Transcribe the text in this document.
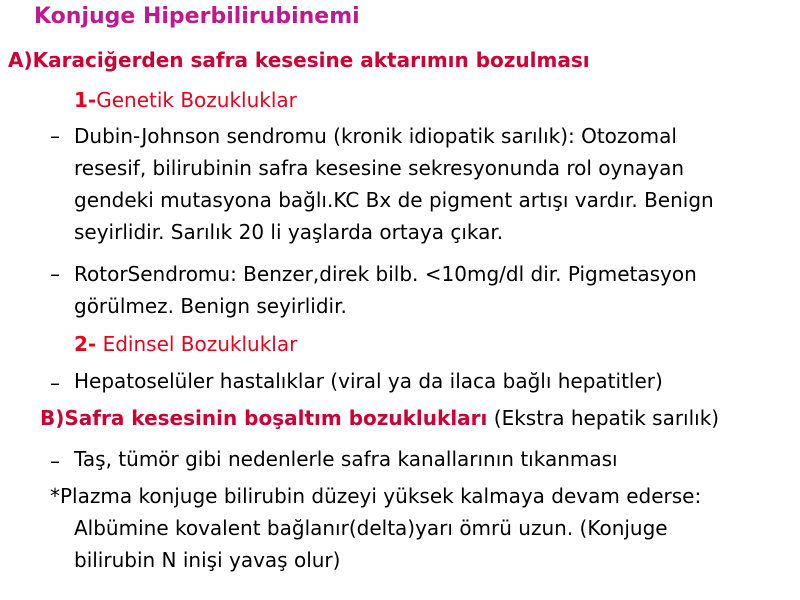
Konjuge Hiperbilirubinemi
A)Karaciğerden safra kesesine aktarımın bozulması
1-Genetik Bozukluklar
– Dubin-Johnson sendromu (kronik idiopatik sarılık): Otozomal
resesif, bilirubinin safra kesesine sekresyonunda rol oynayan
gendeki mutasyona bağlı.KC Bx de pigment artışı vardır. Benign
seyirlidir. Sarılık 20 li yaşlarda ortaya çıkar.
– RotorSendromu: Benzer,direk bilb. <10mg/dl dir. Pigmetasyon
görülmez. Benign seyirlidir.
2- Edinsel Bozukluklar
– Hepatoselüler hastalıklar (viral ya da ilaca bağlı hepatitler)
B)Safra kesesinin boşaltım bozuklukları (Ekstra hepatik sarılık)
– Taş, tümör gibi nedenlerle safra kanallarının tıkanması
*Plazma konjuge bilirubin düzeyi yüksek kalmaya devam ederse:
Albümine kovalent bağlanır(delta)yarı ömrü uzun. (Konjuge
bilirubin N inişi yavaş olur)
